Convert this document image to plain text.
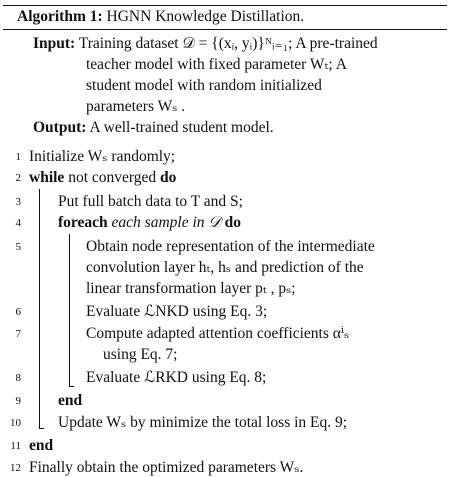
Algorithm 1: HGNN Knowledge Distillation.
Input: Training dataset 𝒟 = {(xᵢ, yᵢ)}ᴺᵢ₌₁; A pre-trained
teacher model with fixed parameter Wₜ; A
student model with random initialized
parameters Wₛ .
Output: A well-trained student model.
1 Initialize Wₛ randomly;
2 while not converged do
3 Put full batch data to T and S;
4 foreach each sample in 𝒟 do
5	Obtain node representation of the intermediate
convolution layer hₜ, hₛ and prediction of the
linear transformation layer pₜ , pₛ;
6	Evaluate ℒNKD using Eq. 3;
7	Compute adapted attention coefficients αⁱₛ
using Eq. 7;
8	Evaluate ℒRKD using Eq. 8;
9 end
10 Update Wₛ by minimize the total loss in Eq. 9;
11 end
12 Finally obtain the optimized parameters Wₛ.
